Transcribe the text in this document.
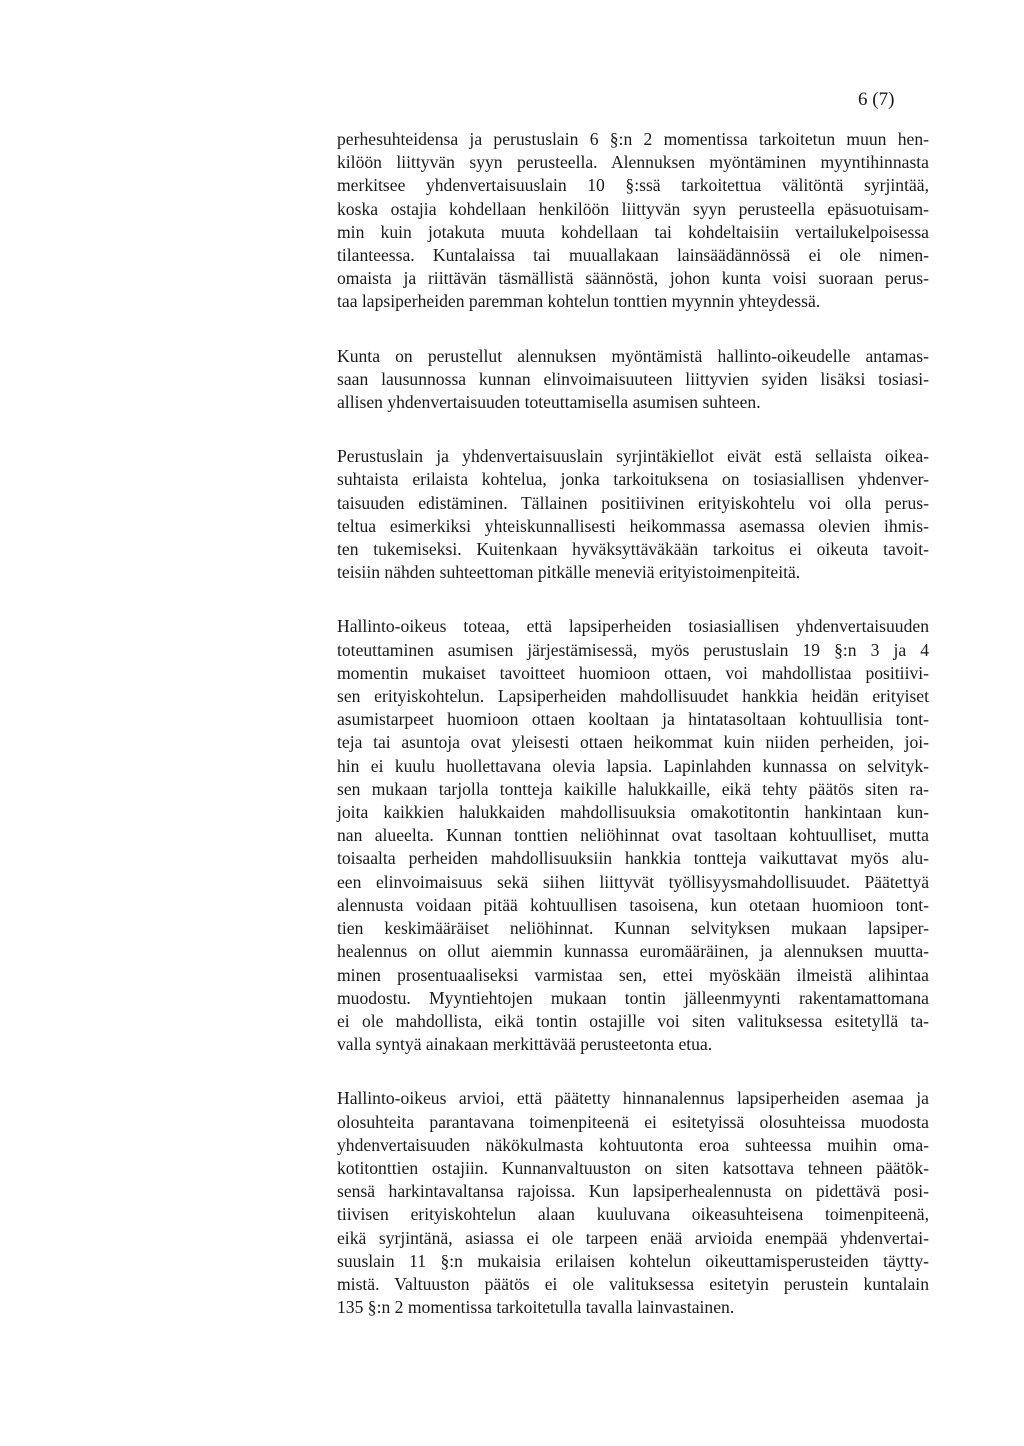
6 (7)

perhesuhteidensa ja perustuslain 6 §:n 2 momentissa tarkoitetun muun hen-
kilöön liittyvän syyn perusteella. Alennuksen myöntäminen myyntihinnasta
merkitsee yhdenvertaisuuslain 10 §:ssä tarkoitettua välitöntä syrjintää,
koska ostajia kohdellaan henkilöön liittyvän syyn perusteella epäsuotuisam-
min kuin jotakuta muuta kohdellaan tai kohdeltaisiin vertailukelpoisessa
tilanteessa. Kuntalaissa tai muuallakaan lainsäädännössä ei ole nimen-
omaista ja riittävän täsmällistä säännöstä, johon kunta voisi suoraan perus-
taa lapsiperheiden paremman kohtelun tonttien myynnin yhteydessä.

Kunta on perustellut alennuksen myöntämistä hallinto-oikeudelle antamas-
saan lausunnossa kunnan elinvoimaisuuteen liittyvien syiden lisäksi tosiasi-
allisen yhdenvertaisuuden toteuttamisella asumisen suhteen.

Perustuslain ja yhdenvertaisuuslain syrjintäkiellot eivät estä sellaista oikea-
suhtaista erilaista kohtelua, jonka tarkoituksena on tosiasiallisen yhdenver-
taisuuden edistäminen. Tällainen positiivinen erityiskohtelu voi olla perus-
teltua esimerkiksi yhteiskunnallisesti heikommassa asemassa olevien ihmis-
ten tukemiseksi. Kuitenkaan hyväksyttäväkään tarkoitus ei oikeuta tavoit-
teisiin nähden suhteettoman pitkälle meneviä erityistoimenpiteitä.

Hallinto-oikeus toteaa, että lapsiperheiden tosiasiallisen yhdenvertaisuuden
toteuttaminen asumisen järjestämisessä, myös perustuslain 19 §:n 3 ja 4
momentin mukaiset tavoitteet huomioon ottaen, voi mahdollistaa positiivi-
sen erityiskohtelun. Lapsiperheiden mahdollisuudet hankkia heidän erityiset
asumistarpeet huomioon ottaen kooltaan ja hintatasoltaan kohtuullisia tont-
teja tai asuntoja ovat yleisesti ottaen heikommat kuin niiden perheiden, joi-
hin ei kuulu huollettavana olevia lapsia. Lapinlahden kunnassa on selvityk-
sen mukaan tarjolla tontteja kaikille halukkaille, eikä tehty päätös siten ra-
joita kaikkien halukkaiden mahdollisuuksia omakotitontin hankintaan kun-
nan alueelta. Kunnan tonttien neliöhinnat ovat tasoltaan kohtuulliset, mutta
toisaalta perheiden mahdollisuuksiin hankkia tontteja vaikuttavat myös alu-
een elinvoimaisuus sekä siihen liittyvät työllisyysmahdollisuudet. Päätettyä
alennusta voidaan pitää kohtuullisen tasoisena, kun otetaan huomioon tont-
tien keskimääräiset neliöhinnat. Kunnan selvityksen mukaan lapsiper-
healennus on ollut aiemmin kunnassa euromääräinen, ja alennuksen muutta-
minen prosentuaaliseksi varmistaa sen, ettei myöskään ilmeistä alihintaa
muodostu. Myyntiehtojen mukaan tontin jälleenmyynti rakentamattomana
ei ole mahdollista, eikä tontin ostajille voi siten valituksessa esitetyllä ta-
valla syntyä ainakaan merkittävää perusteetonta etua.

Hallinto-oikeus arvioi, että päätetty hinnanalennus lapsiperheiden asemaa ja
olosuhteita parantavana toimenpiteenä ei esitetyissä olosuhteissa muodosta
yhdenvertaisuuden näkökulmasta kohtuutonta eroa suhteessa muihin oma-
kotitonttien ostajiin. Kunnanvaltuuston on siten katsottava tehneen päätök-
sensä harkintavaltansa rajoissa. Kun lapsiperhealennusta on pidettävä posi-
tiivisen erityiskohtelun alaan kuuluvana oikeasuhteisena toimenpiteenä,
eikä syrjintänä, asiassa ei ole tarpeen enää arvioida enempää yhdenvertai-
suuslain 11 §:n mukaisia erilaisen kohtelun oikeuttamisperusteiden täytty-
mistä. Valtuuston päätös ei ole valituksessa esitetyin perustein kuntalain
135 §:n 2 momentissa tarkoitetulla tavalla lainvastainen.
